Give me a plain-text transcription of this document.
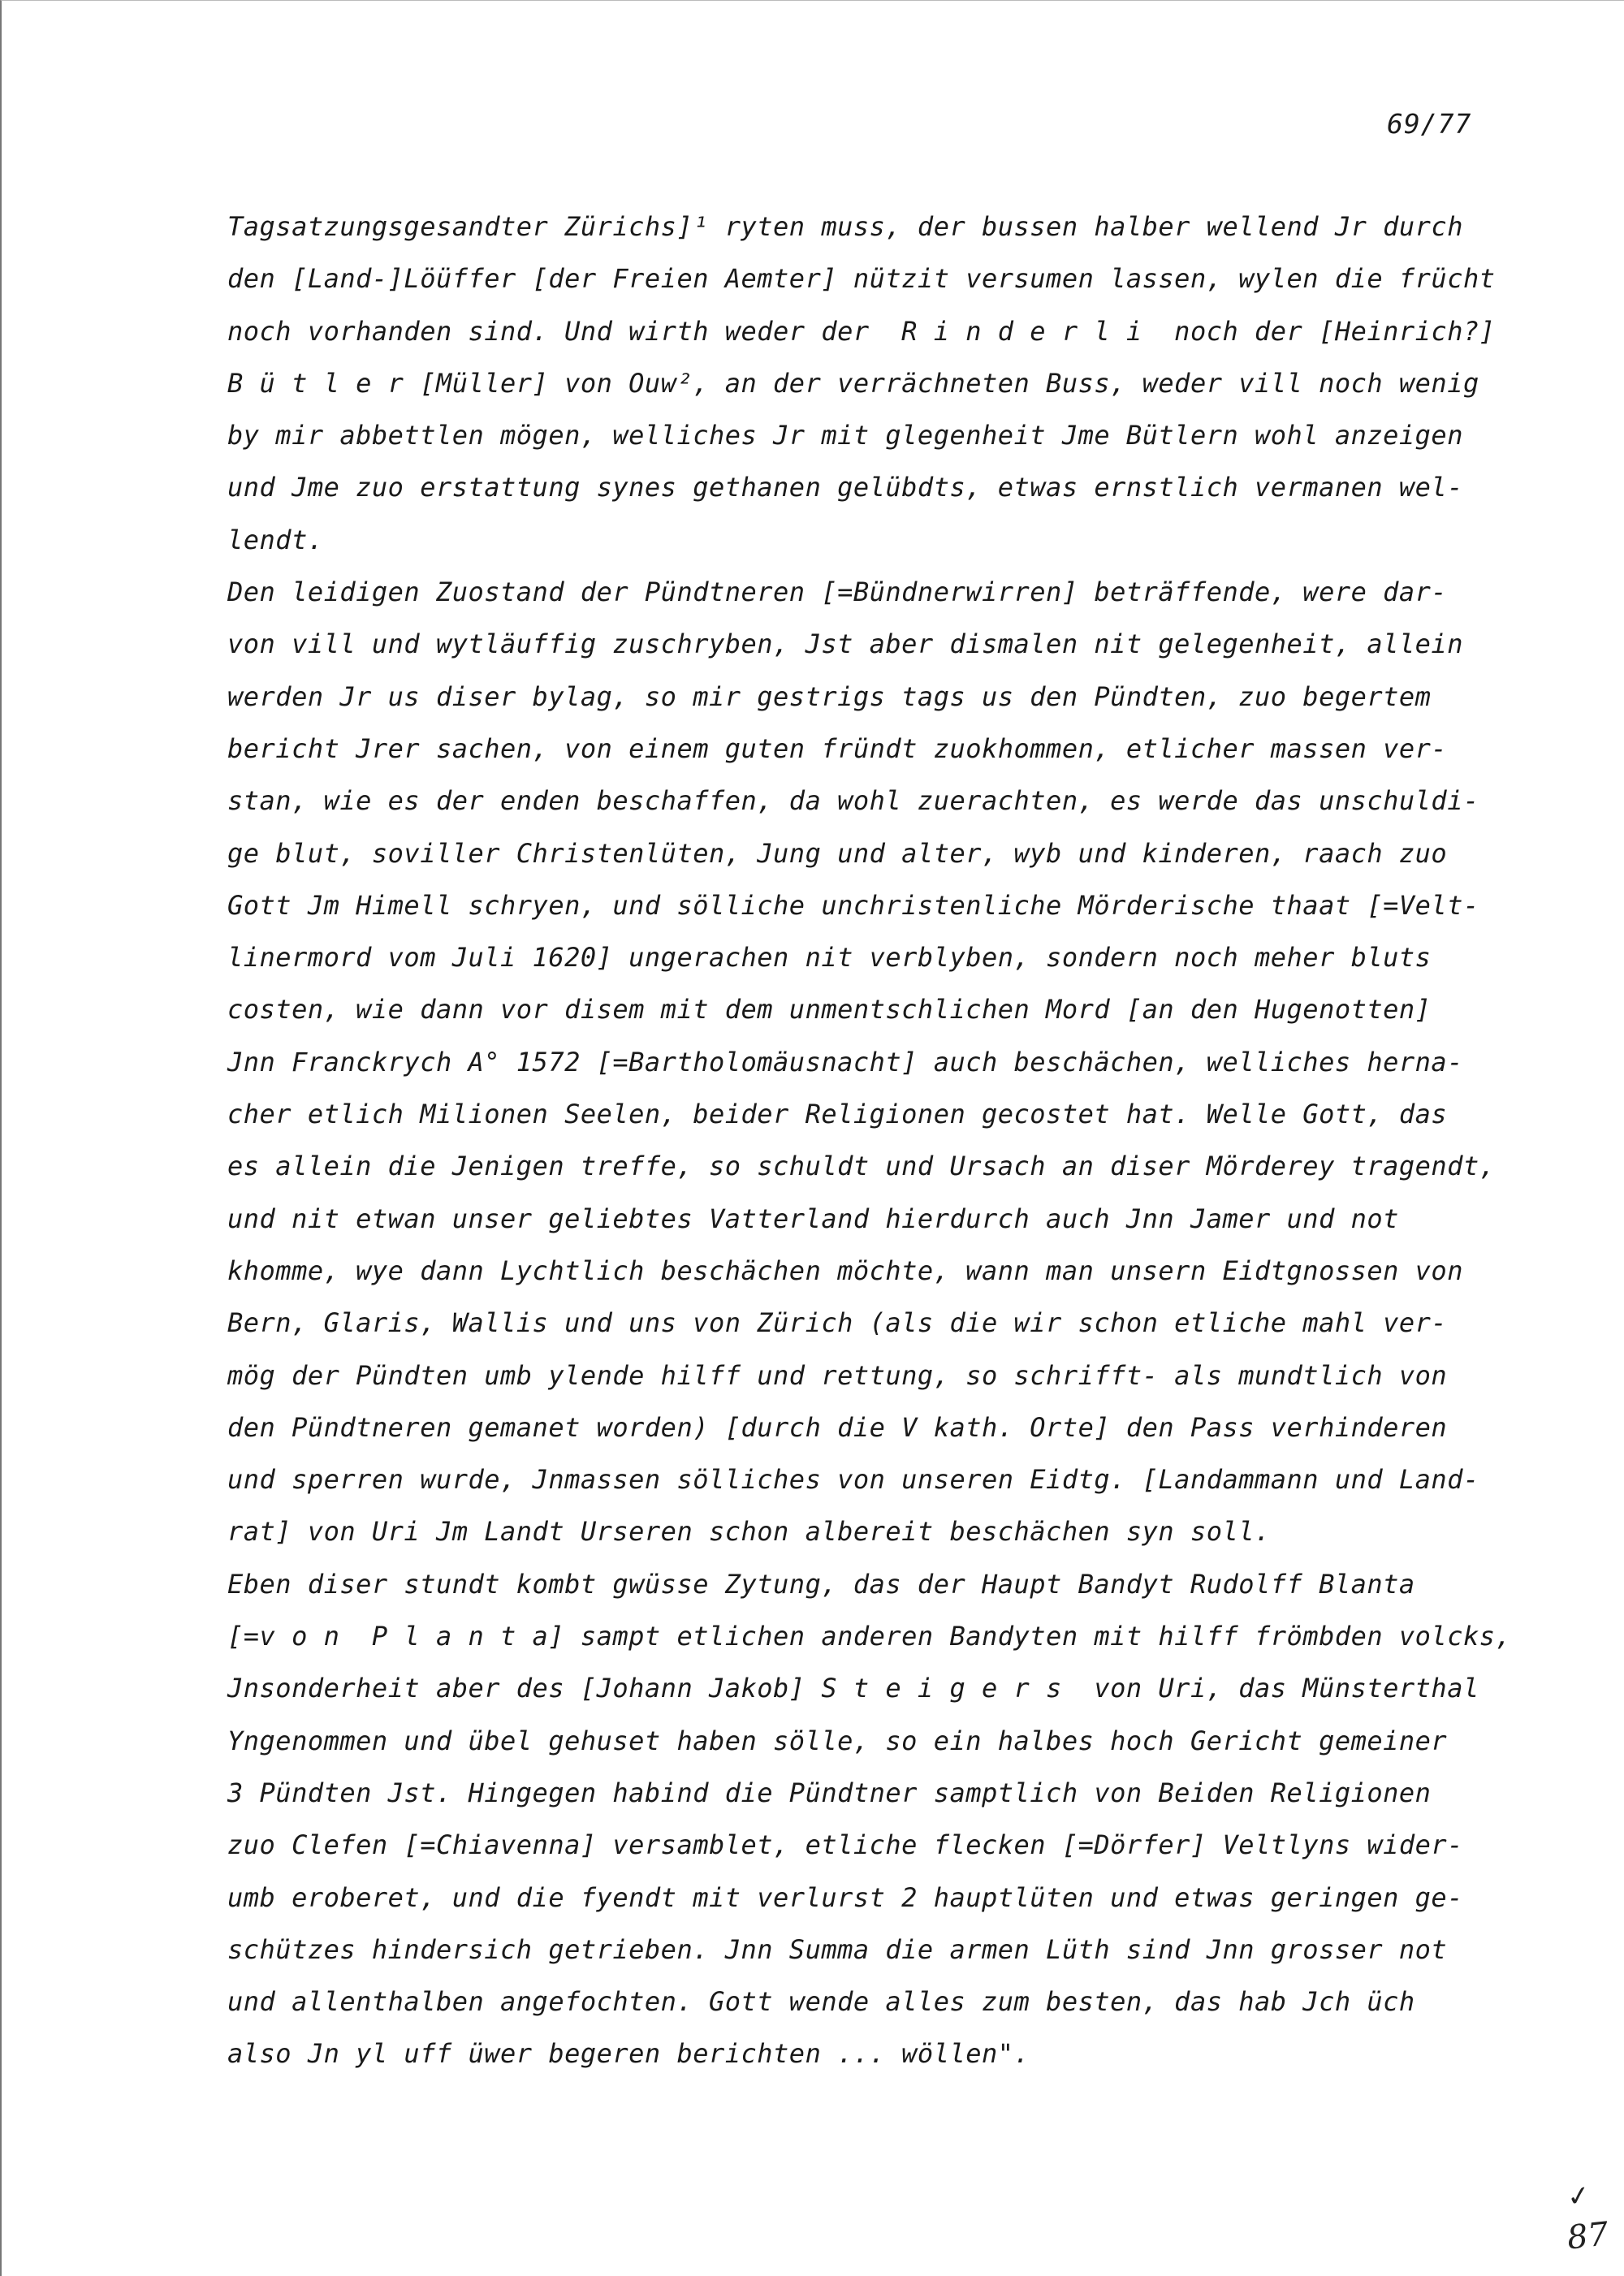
69/77
Tagsatzungsgesandter Zürichs]¹ ryten muss, der bussen halber wellend Jr durch
den [Land-]Löüffer [der Freien Aemter] nützit versumen lassen, wylen die frücht
noch vorhanden sind. Und wirth weder der  R i n d e r l i  noch der [Heinrich?]
B ü t l e r [Müller] von Ouw², an der verrächneten Buss, weder vill noch wenig
by mir abbettlen mögen, welliches Jr mit glegenheit Jme Bütlern wohl anzeigen
und Jme zuo erstattung synes gethanen gelübdts, etwas ernstlich vermanen wel-
lendt.
Den leidigen Zuostand der Pündtneren [=Bündnerwirren] beträffende, were dar-
von vill und wytläuffig zuschryben, Jst aber dismalen nit gelegenheit, allein
werden Jr us diser bylag, so mir gestrigs tags us den Pündten, zuo begertem
bericht Jrer sachen, von einem guten fründt zuokhommen, etlicher massen ver-
stan, wie es der enden beschaffen, da wohl zuerachten, es werde das unschuldi-
ge blut, soviller Christenlüten, Jung und alter, wyb und kinderen, raach zuo
Gott Jm Himell schryen, und sölliche unchristenliche Mörderische thaat [=Velt-
linermord vom Juli 1620] ungerachen nit verblyben, sondern noch meher bluts
costen, wie dann vor disem mit dem unmentschlichen Mord [an den Hugenotten]
Jnn Franckrych A° 1572 [=Bartholomäusnacht] auch beschächen, welliches herna-
cher etlich Milionen Seelen, beider Religionen gecostet hat. Welle Gott, das
es allein die Jenigen treffe, so schuldt und Ursach an diser Mörderey tragendt,
und nit etwan unser geliebtes Vatterland hierdurch auch Jnn Jamer und not
khomme, wye dann Lychtlich beschächen möchte, wann man unsern Eidtgnossen von
Bern, Glaris, Wallis und uns von Zürich (als die wir schon etliche mahl ver-
mög der Pündten umb ylende hilff und rettung, so schrifft- als mundtlich von
den Pündtneren gemanet worden) [durch die V kath. Orte] den Pass verhinderen
und sperren wurde, Jnmassen sölliches von unseren Eidtg. [Landammann und Land-
rat] von Uri Jm Landt Urseren schon albereit beschächen syn soll.
Eben diser stundt kombt gwüsse Zytung, das der Haupt Bandyt Rudolff Blanta
[=v o n  P l a n t a] sampt etlichen anderen Bandyten mit hilff frömbden volcks,
Jnsonderheit aber des [Johann Jakob] S t e i g e r s  von Uri, das Münsterthal
Yngenommen und übel gehuset haben sölle, so ein halbes hoch Gericht gemeiner
3 Pündten Jst. Hingegen habind die Pündtner samptlich von Beiden Religionen
zuo Clefen [=Chiavenna] versamblet, etliche flecken [=Dörfer] Veltlyns wider-
umb eroberet, und die fyendt mit verlurst 2 hauptlüten und etwas geringen ge-
schützes hindersich getrieben. Jnn Summa die armen Lüth sind Jnn grosser not
und allenthalben angefochten. Gott wende alles zum besten, das hab Jch üch
also Jn yl uff üwer begeren berichten ... wöllen".
✓
87
